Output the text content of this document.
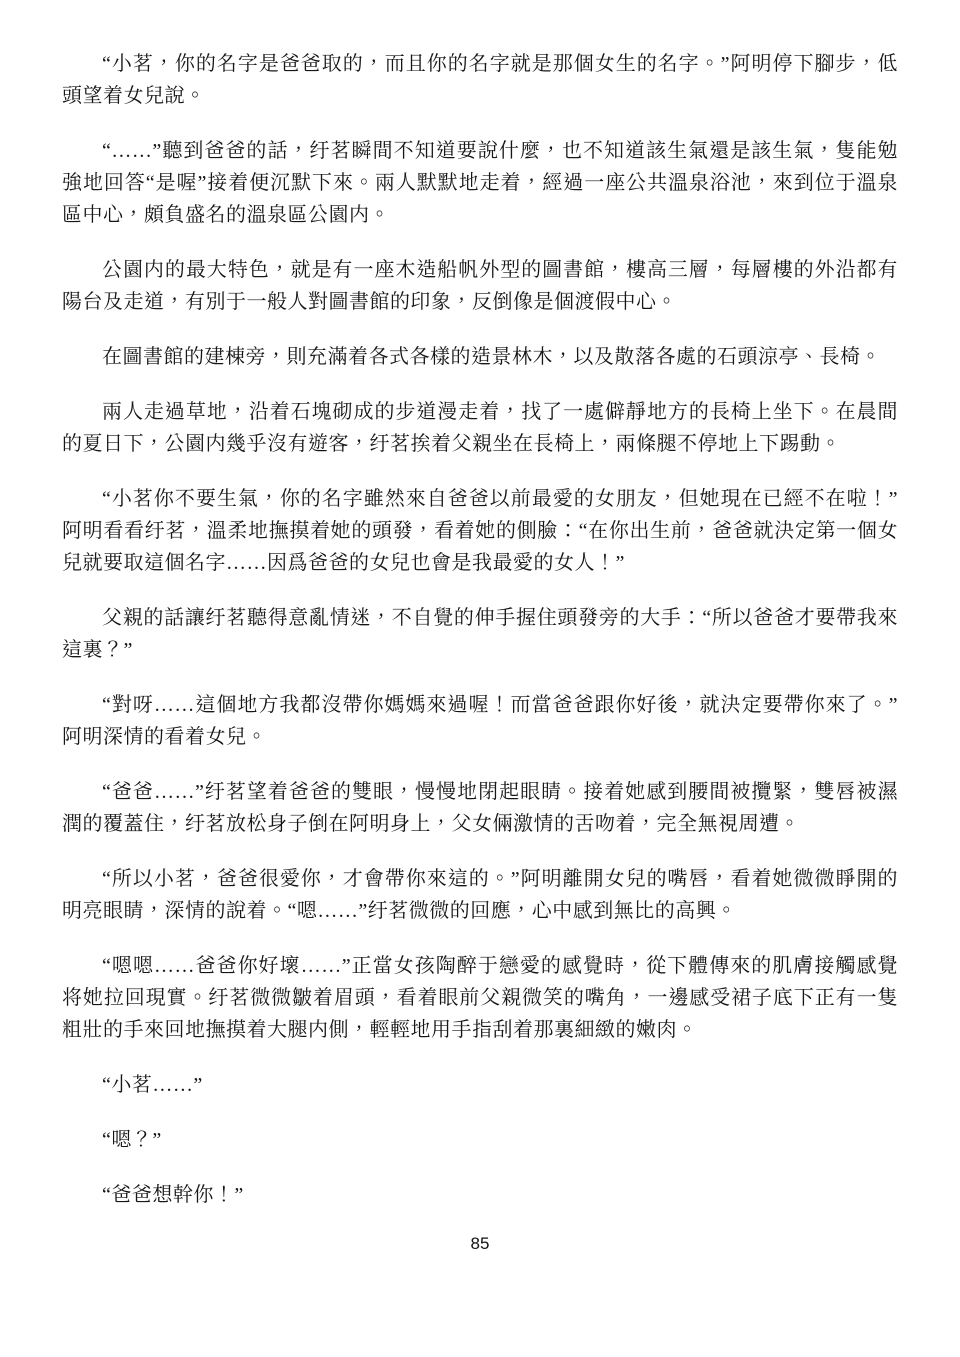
“小茗，你的名字是爸爸取的，而且你的名字就是那個女生的名字。”阿明停下腳步，低頭望着女兒說。

“……”聽到爸爸的話，纡茗瞬間不知道要說什麼，也不知道該生氣還是該生氣，隻能勉強地回答“是喔”接着便沉默下來。兩人默默地走着，經過一座公共溫泉浴池，來到位于溫泉區中心，頗負盛名的溫泉區公園内。

公園内的最大特色，就是有一座木造船帆外型的圖書館，樓高三層，每層樓的外沿都有陽台及走道，有別于一般人對圖書館的印象，反倒像是個渡假中心。

在圖書館的建棟旁，則充滿着各式各樣的造景林木，以及散落各處的石頭涼亭、長椅。

兩人走過草地，沿着石塊砌成的步道漫走着，找了一處僻靜地方的長椅上坐下。在晨間的夏日下，公園内幾乎沒有遊客，纡茗挨着父親坐在長椅上，兩條腿不停地上下踢動。

“小茗你不要生氣，你的名字雖然來自爸爸以前最愛的女朋友，但她現在已經不在啦！”阿明看看纡茗，溫柔地撫摸着她的頭發，看着她的側臉：“在你出生前，爸爸就決定第一個女兒就要取這個名字……因爲爸爸的女兒也會是我最愛的女人！”

父親的話讓纡茗聽得意亂情迷，不自覺的伸手握住頭發旁的大手：“所以爸爸才要帶我來這裏？”

“對呀……這個地方我都沒帶你媽媽來過喔！而當爸爸跟你好後，就決定要帶你來了。”阿明深情的看着女兒。

“爸爸……”纡茗望着爸爸的雙眼，慢慢地閉起眼睛。接着她感到腰間被攬緊，雙唇被濕潤的覆蓋住，纡茗放松身子倒在阿明身上，父女倆激情的舌吻着，完全無視周遭。

“所以小茗，爸爸很愛你，才會帶你來這的。”阿明離開女兒的嘴唇，看着她微微睜開的明亮眼睛，深情的說着。“嗯……”纡茗微微的回應，心中感到無比的高興。

“嗯嗯……爸爸你好壞……”正當女孩陶醉于戀愛的感覺時，從下體傳來的肌膚接觸感覺将她拉回現實。纡茗微微皺着眉頭，看着眼前父親微笑的嘴角，一邊感受裙子底下正有一隻粗壯的手來回地撫摸着大腿内側，輕輕地用手指刮着那裏細緻的嫩肉。

“小茗……”

“嗯？”

“爸爸想幹你！”

85
